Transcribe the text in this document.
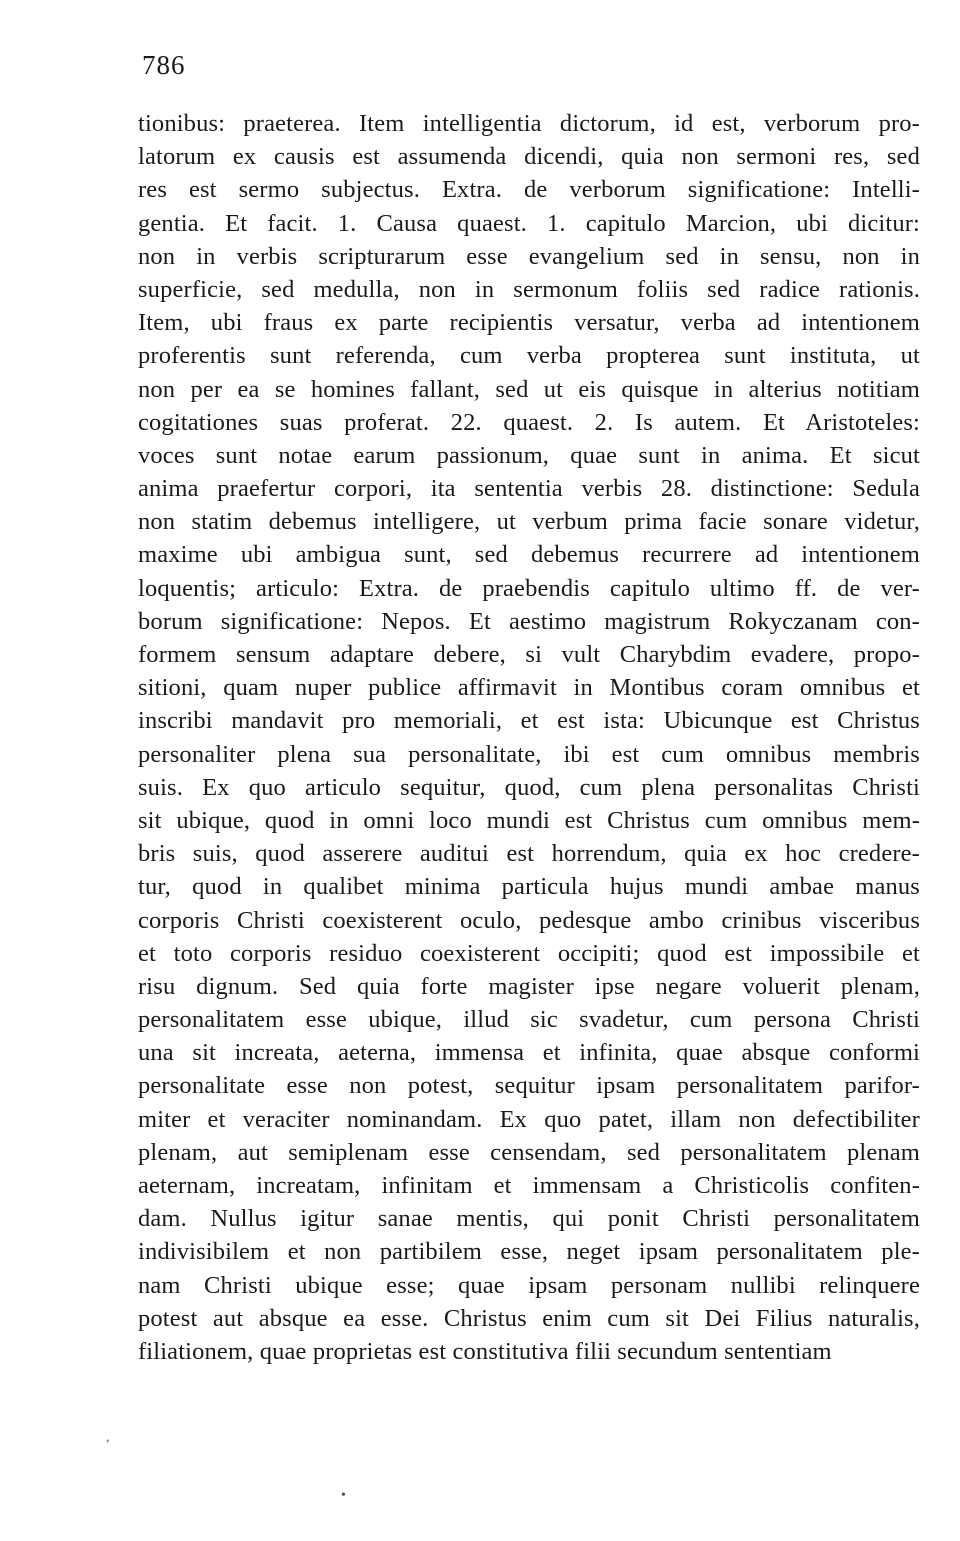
786
tionibus: praeterea. Item intelligentia dictorum, id est, verborum pro-
latorum ex causis est assumenda dicendi, quia non sermoni res, sed
res est sermo subjectus. Extra. de verborum significatione: Intelli-
gentia. Et facit. 1. Causa quaest. 1. capitulo Marcion, ubi dicitur:
non in verbis scripturarum esse evangelium sed in sensu, non in
superficie, sed medulla, non in sermonum foliis sed radice rationis.
Item, ubi fraus ex parte recipientis versatur, verba ad intentionem
proferentis sunt referenda, cum verba propterea sunt instituta, ut
non per ea se homines fallant, sed ut eis quisque in alterius notitiam
cogitationes suas proferat. 22. quaest. 2. Is autem. Et Aristoteles:
voces sunt notae earum passionum, quae sunt in anima. Et sicut
anima praefertur corpori, ita sententia verbis 28. distinctione: Sedula
non statim debemus intelligere, ut verbum prima facie sonare videtur,
maxime ubi ambigua sunt, sed debemus recurrere ad intentionem
loquentis; articulo: Extra. de praebendis capitulo ultimo ff. de ver-
borum significatione: Nepos. Et aestimo magistrum Rokyczanam con-
formem sensum adaptare debere, si vult Charybdim evadere, propo-
sitioni, quam nuper publice affirmavit in Montibus coram omnibus et
inscribi mandavit pro memoriali, et est ista: Ubicunque est Christus
personaliter plena sua personalitate, ibi est cum omnibus membris
suis. Ex quo articulo sequitur, quod, cum plena personalitas Christi
sit ubique, quod in omni loco mundi est Christus cum omnibus mem-
bris suis, quod asserere auditui est horrendum, quia ex hoc credere-
tur, quod in qualibet minima particula hujus mundi ambae manus
corporis Christi coexisterent oculo, pedesque ambo crinibus visceribus
et toto corporis residuo coexisterent occipiti; quod est impossibile et
risu dignum. Sed quia forte magister ipse negare voluerit plenam,
personalitatem esse ubique, illud sic svadetur, cum persona Christi
una sit increata, aeterna, immensa et infinita, quae absque conformi
personalitate esse non potest, sequitur ipsam personalitatem parifor-
miter et veraciter nominandam. Ex quo patet, illam non defectibiliter
plenam, aut semiplenam esse censendam, sed personalitatem plenam
aeternam, increatam, infinitam et immensam a Christicolis confiten-
dam. Nullus igitur sanae mentis, qui ponit Christi personalitatem
indivisibilem et non partibilem esse, neget ipsam personalitatem ple-
nam Christi ubique esse; quae ipsam personam nullibi relinquere
potest aut absque ea esse. Christus enim cum sit Dei Filius naturalis,
filiationem, quae proprietas est constitutiva filii secundum sententiam
,
•
